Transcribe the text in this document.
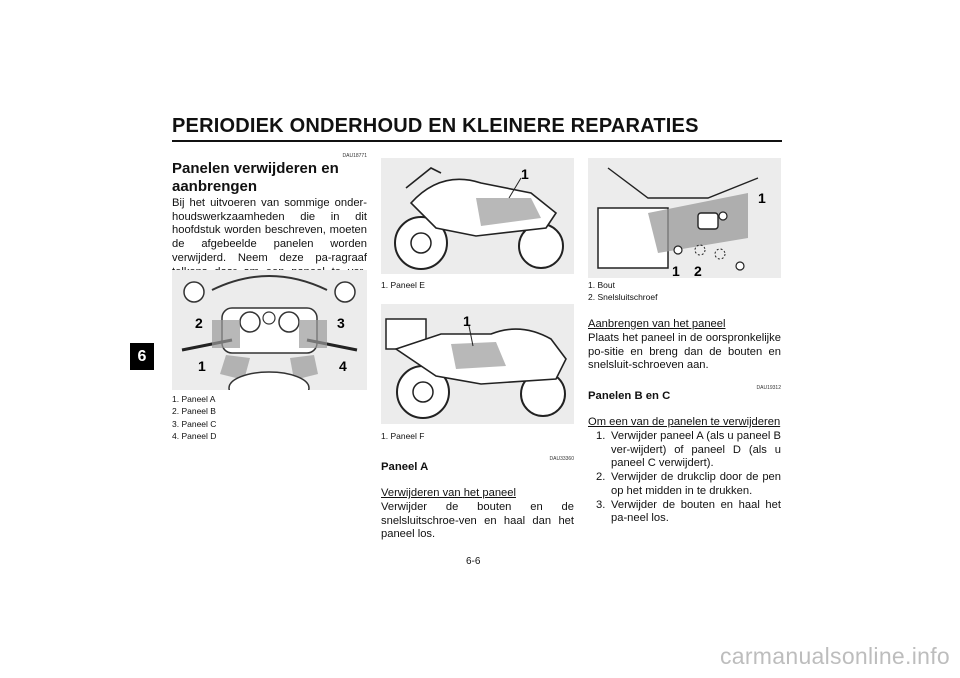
PERIODIEK ONDERHOUD EN KLEINERE REPARATIES
6
DAU18771
Panelen verwijderen en aanbrengen
Bij het uitvoeren van sommige onder-houdswerkzaamheden die in dit hoofdstuk worden beschreven, moeten de afgebeelde panelen worden verwijderd. Neem deze pa-ragraaf
2	3
1	4
1. Paneel A
2. Paneel B
3. Paneel C
4. Paneel D
1
1. Paneel E
1
1. Paneel F
DAU33360
Paneel A
Verwijderen van het paneel
Verwijder de bouten en de snelsluitschroe-ven en haal dan het paneel los.
1
1 2
1. Bout
2. Snelsluitschroef
Aanbrengen van het paneel
Plaats het paneel in de oorspronkelijke po-sitie en breng dan de bouten en snelsluit-schroeven aan.
DAU19312
Panelen B en C
Om een van de panelen te verwijderen
1. Verwijder paneel A (als u paneel B ver-wijdert) of paneel D (als u paneel C verwijdert).
2. Verwijder de drukclip door de pen op het midden in te drukken.
3. Verwijder de bouten en haal het pa-neel los.
6-6
carmanualsonline.info
